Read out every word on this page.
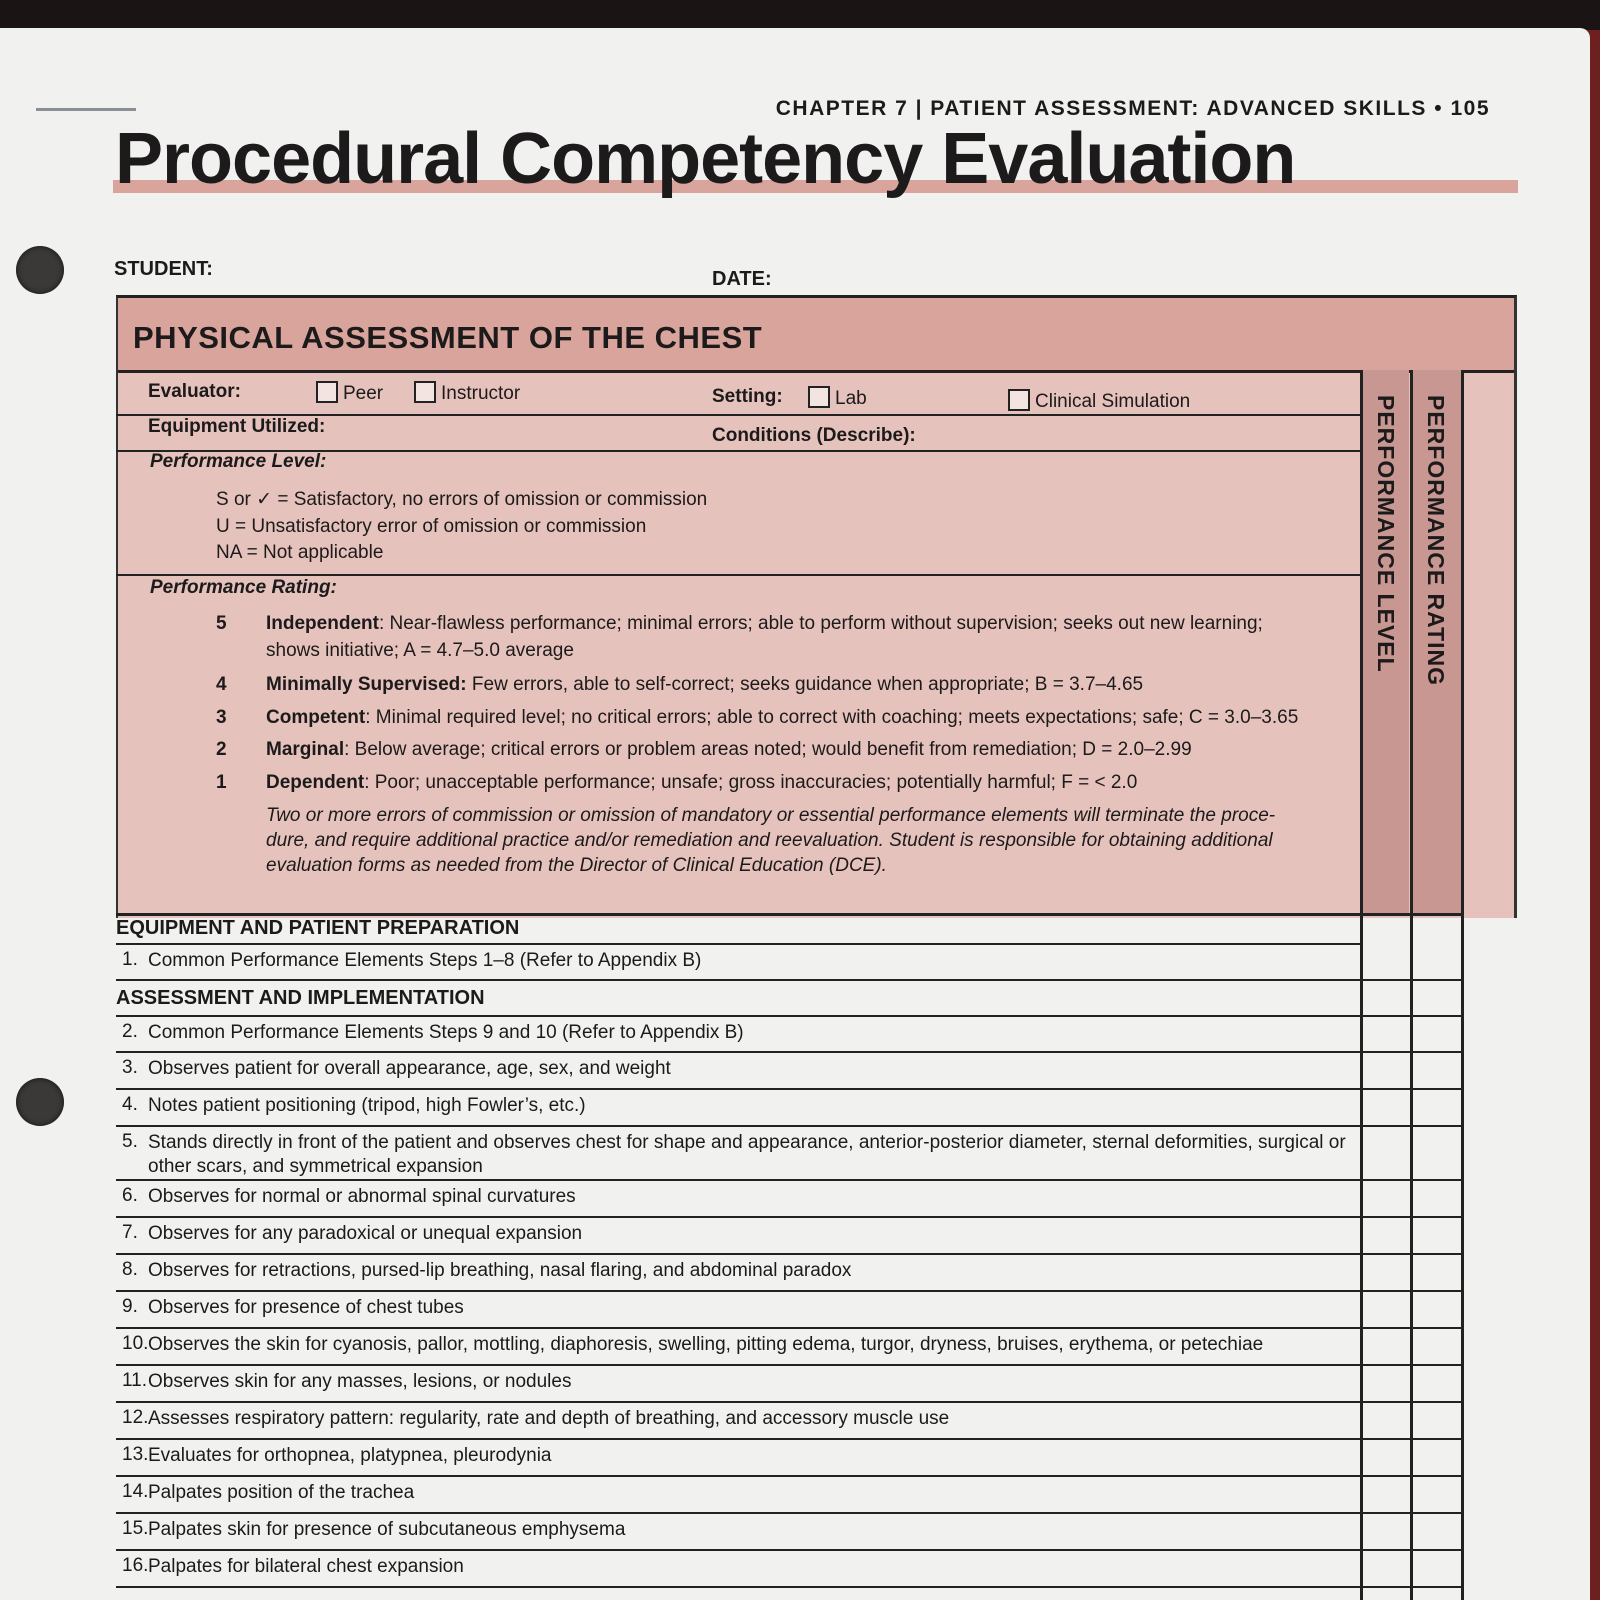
CHAPTER 7 | PATIENT ASSESSMENT: ADVANCED SKILLS • 105
Procedural Competency Evaluation
STUDENT:	DATE:
PHYSICAL ASSESSMENT OF THE CHEST
PERFORMANCE LEVEL PERFORMANCE RATING
Evaluator:	Peer	Instructor	Setting:	Lab	Clinical Simulation
Equipment Utilized:	Conditions (Describe):
Performance Level:
S or ✓ = Satisfactory, no errors of omission or commission
U = Unsatisfactory error of omission or commission
NA = Not applicable
Performance Rating:
5 Independent: Near-flawless performance; minimal errors; able to perform without supervision; seeks out new learning;
shows initiative; A = 4.7–5.0 average
4 Minimally Supervised: Few errors, able to self-correct; seeks guidance when appropriate; B = 3.7–4.65
3 Competent: Minimal required level; no critical errors; able to correct with coaching; meets expectations; safe; C = 3.0–3.65
2 Marginal: Below average; critical errors or problem areas noted; would benefit from remediation; D = 2.0–2.99
1 Dependent: Poor; unacceptable performance; unsafe; gross inaccuracies; potentially harmful; F = < 2.0
Two or more errors of commission or omission of mandatory or essential performance elements will terminate the proce-
dure, and require additional practice and/or remediation and reevaluation. Student is responsible for obtaining additional
evaluation forms as needed from the Director of Clinical Education (DCE).
EQUIPMENT AND PATIENT PREPARATION
1. Common Performance Elements Steps 1–8 (Refer to Appendix B)
ASSESSMENT AND IMPLEMENTATION
2. Common Performance Elements Steps 9 and 10 (Refer to Appendix B)
3. Observes patient for overall appearance, age, sex, and weight
4. Notes patient positioning (tripod, high Fowler’s, etc.)
5. Stands directly in front of the patient and observes chest for shape and appearance, anterior-posterior diameter, sternal deformities, surgical or other scars, and symmetrical expansion
6. Observes for normal or abnormal spinal curvatures
7. Observes for any paradoxical or unequal expansion
8. Observes for retractions, pursed-lip breathing, nasal flaring, and abdominal paradox
9. Observes for presence of chest tubes
10. Observes the skin for cyanosis, pallor, mottling, diaphoresis, swelling, pitting edema, turgor, dryness, bruises, erythema, or petechiae
11. Observes skin for any masses, lesions, or nodules
12. Assesses respiratory pattern: regularity, rate and depth of breathing, and accessory muscle use
13. Evaluates for orthopnea, platypnea, pleurodynia
14. Palpates position of the trachea
15. Palpates skin for presence of subcutaneous emphysema
16. Palpates for bilateral chest expansion
